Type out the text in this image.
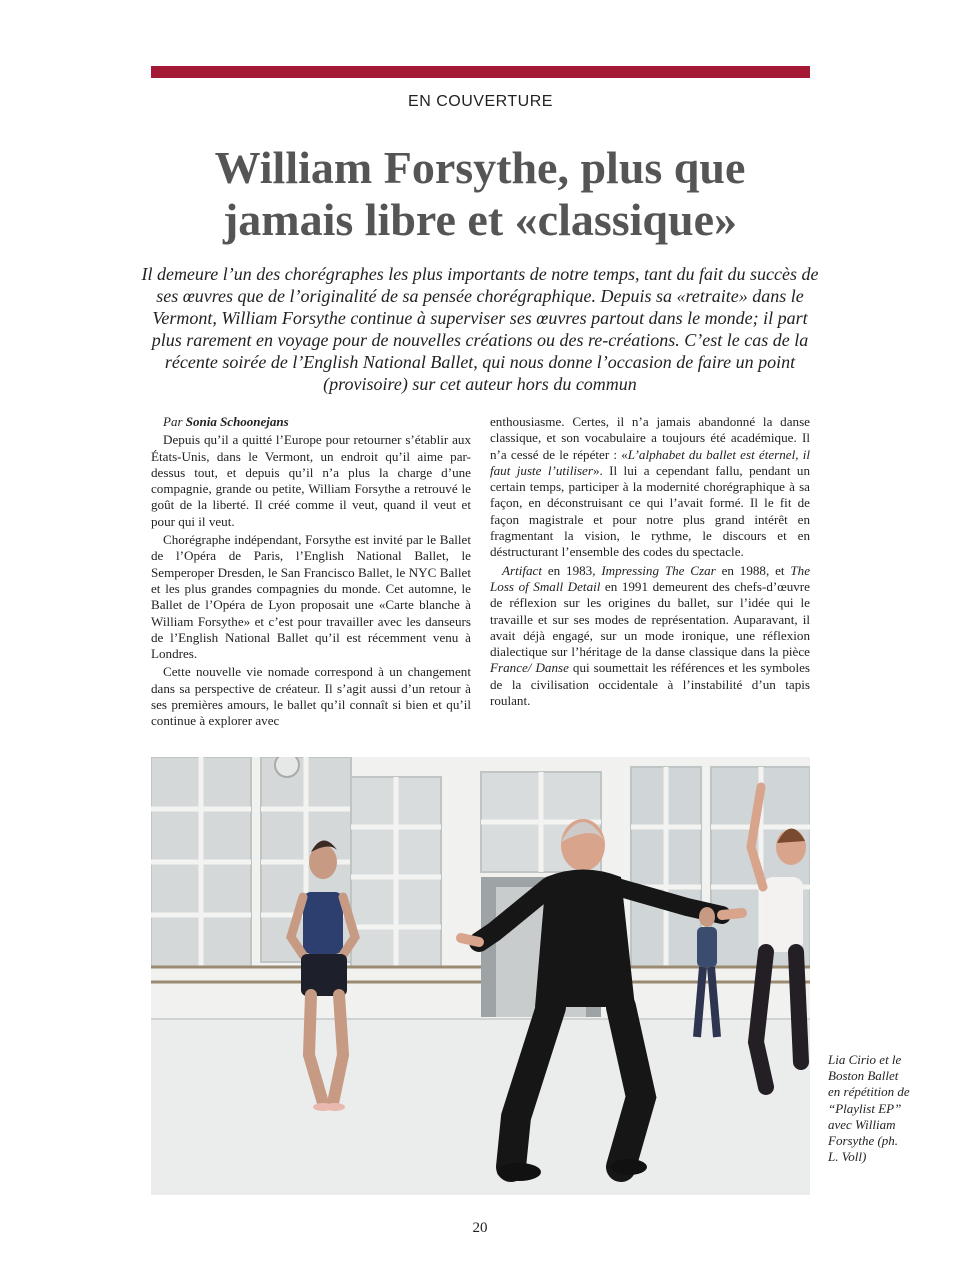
EN COUVERTURE
William Forsythe, plus que
jamais libre et «classique»

Il demeure l’un des chorégraphes les plus importants de notre temps, tant du fait du succès de ses œuvres que de l’originalité de sa pensée chorégraphique. Depuis sa «retraite» dans le Vermont, William Forsythe continue à superviser ses œuvres partout dans le monde; il part plus rarement en voyage pour de nouvelles créations ou des re-créations. C’est le cas de la récente soirée de l’English National Ballet, qui nous donne l’occasion de faire un point (provisoire) sur cet auteur hors du commun

Par Sonia Schoonejans

Depuis qu’il a quitté l’Europe pour retourner s’établir aux États-Unis, dans le Vermont, un endroit qu’il aime par-dessus tout, et depuis qu’il n’a plus la charge d’une compagnie, grande ou petite, William Forsythe a retrouvé le goût de la liberté. Il créé comme il veut, quand il veut et pour qui il veut.

Chorégraphe indépendant, Forsythe est invité par le Ballet de l’Opéra de Paris, l’English National Ballet, le Semperoper Dresden, le San Francisco Ballet, le NYC Ballet et les plus grandes compagnies du monde. Cet automne, le Ballet de l’Opéra de Lyon proposait une «Carte blanche à William Forsythe» et c’est pour travailler avec les danseurs de l’English National Ballet qu’il est récemment venu à Londres.

Cette nouvelle vie nomade correspond à un changement dans sa perspective de créateur. Il s’agit aussi d’un retour à ses premières amours, le ballet qu’il connaît si bien et qu’il continue à explorer avec

enthousiasme. Certes, il n’a jamais abandonné la danse classique, et son vocabulaire a toujours été académique. Il n’a cessé de le répéter : «L’alphabet du ballet est éternel, il faut juste l’utiliser». Il lui a cependant fallu, pendant un certain temps, participer à la modernité chorégraphique à sa façon, en déconstruisant ce qui l’avait formé. Il le fit de façon magistrale et pour notre plus grand intérêt en fragmentant la vision, le rythme, le discours et en déstructurant l’ensemble des codes du spectacle.

Artifact en 1983, Impressing The Czar en 1988, et The Loss of Small Detail en 1991 demeurent des chefs-d’œuvre de réflexion sur les origines du ballet, sur l’idée qui le travaille et sur ses modes de représentation. Auparavant, il avait déjà engagé, sur un mode ironique, une réflexion dialectique sur l’héritage de la danse classique dans la pièce France/ Danse qui soumettait les références et les symboles de la civilisation occidentale à l’instabilité d’un tapis roulant.

Lia Cirio et le Boston Ballet en répétition de “Playlist EP” avec William Forsythe (ph. L. Voll)
20
